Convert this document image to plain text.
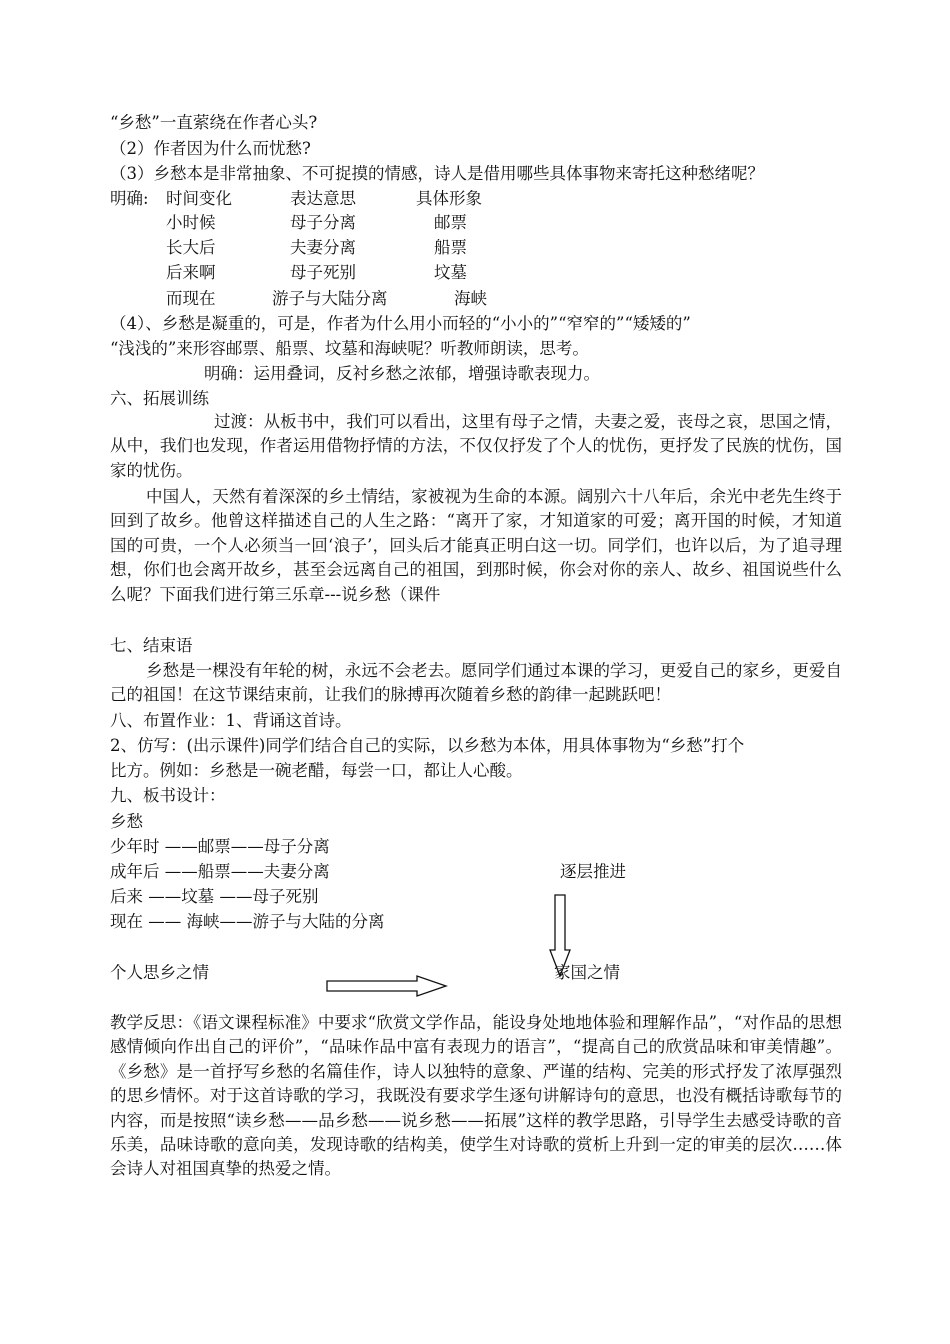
“乡愁”一直萦绕在作者心头?
（2）作者因为什么而忧愁?
（3）乡愁本是非常抽象、不可捉摸的情感，诗人是借用哪些具体事物来寄托这种愁绪呢？
明确: 时间变化	表达意思	具体形象
小时候	母子分离	邮票
长大后	夫妻分离	船票
后来啊	母子死别	坟墓
而现在	游子与大陆分离	海峡
（4）、乡愁是凝重的，可是，作者为什么用小而轻的“小小的”“窄窄的”“矮矮的”
“浅浅的”来形容邮票、船票、坟墓和海峡呢？听教师朗读，思考。
明确：运用叠词，反衬乡愁之浓郁，增强诗歌表现力。
六、拓展训练
过渡：从板书中，我们可以看出，这里有母子之情，夫妻之爱，丧母之哀，思国之情，从中，我们也发现，作者运用借物抒情的方法，不仅仅抒发了个人的忧伤，更抒发了民族的忧伤，国家的忧伤。
中国人，天然有着深深的乡土情结，家被视为生命的本源。阔别六十八年后，余光中老先生终于回到了故乡。他曾这样描述自己的人生之路：“离开了家，才知道家的可爱；离开国的时候，才知道国的可贵，一个人必须当一回‘浪子’，回头后才能真正明白这一切。同学们，也许以后，为了追寻理想，你们也会离开故乡，甚至会远离自己的祖国，到那时候，你会对你的亲人、故乡、祖国说些什么么呢？下面我们进行第三乐章---说乡愁（课件
七、结束语
乡愁是一棵没有年轮的树，永远不会老去。愿同学们通过本课的学习，更爱自己的家乡，更爱自己的祖国！在这节课结束前，让我们的脉搏再次随着乡愁的韵律一起跳跃吧！
八、布置作业：1、背诵这首诗。
2、仿写：(出示课件)同学们结合自己的实际，以乡愁为本体，用具体事物为“乡愁”打个
比方。例如：乡愁是一碗老醋，每尝一口，都让人心酸。
九、板书设计：
乡愁
少年时 ——邮票——母子分离
成年后 ——船票——夫妻分离	逐层推进
后来 ——坟墓 ——母子死别
现在 —— 海峡——游子与大陆的分离
个人思乡之情	家国之情
教学反思：《语文课程标准》中要求“欣赏文学作品，能设身处地地体验和理解作品”，“对作品的思想感情倾向作出自己的评价”，“品味作品中富有表现力的语言”，“提高自己的欣赏品味和审美情趣”。《乡愁》是一首抒写乡愁的名篇佳作，诗人以独特的意象、严谨的结构、完美的形式抒发了浓厚强烈的思乡情怀。对于这首诗歌的学习，我既没有要求学生逐句讲解诗句的意思，也没有概括诗歌每节的内容，而是按照“读乡愁——品乡愁——说乡愁——拓展”这样的教学思路，引导学生去感受诗歌的音乐美，品味诗歌的意向美，发现诗歌的结构美，使学生对诗歌的赏析上升到一定的审美的层次……体会诗人对祖国真挚的热爱之情。
